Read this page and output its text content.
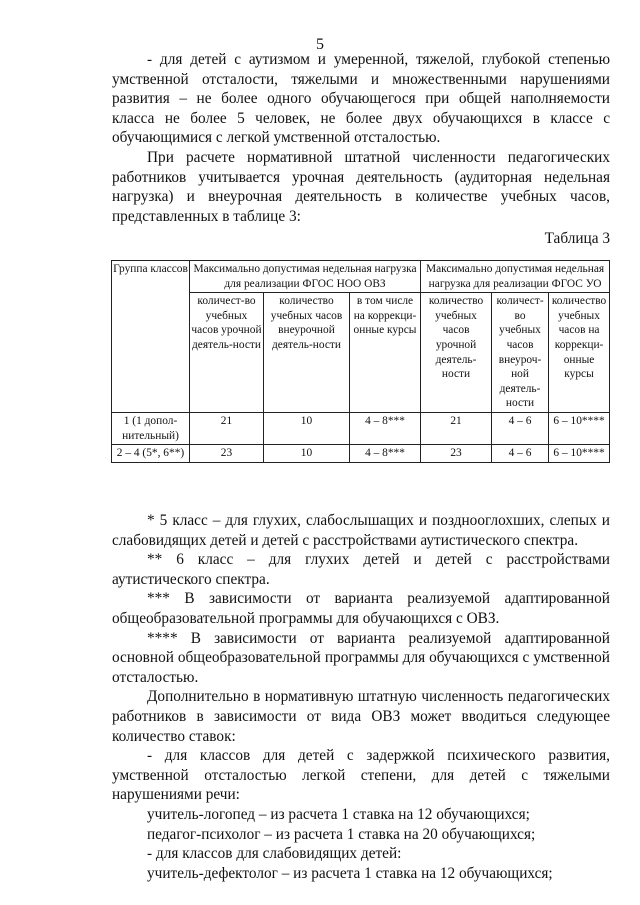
5

- для детей с аутизмом и умеренной, тяжелой, глубокой степенью умственной отсталости, тяжелыми и множественными нарушениями развития – не более одного обучающегося при общей наполняемости класса не более 5 человек, не более двух обучающихся в классе с обучающимися с легкой умственной отсталостью.

При расчете нормативной штатной численности педагогических работников учитывается урочная деятельность (аудиторная недельная нагрузка) и внеурочная деятельность в количестве учебных часов, представленных в таблице 3:

Таблица 3
Группа классов	Максимально допустимая недельная нагрузка для реализации ФГОС НОО ОВЗ			Максимально допустимая недельная нагрузка для реализации ФГОС УО		
	количест-во учебных часов урочной деятель-ности	количество учебных часов внеурочной деятель-ности	в том числе на коррекци-онные курсы	количество учебных часов урочной деятель-ности	количест-во учебных часов внеуроч-ной деятель-ности	количество учебных часов на коррекци-онные курсы
1 (1 допол-нительный)	21	10	4 – 8***	21	4 – 6	6 – 10****
2 – 4 (5*, 6**)	23	10	4 – 8***	23	4 – 6	6 – 10****

* 5 класс – для глухих, слабослышащих и позднооглохших, слепых и слабовидящих детей и детей с расстройствами аутистического спектра.

** 6 класс – для глухих детей и детей с расстройствами аутистического спектра.

*** В зависимости от варианта реализуемой адаптированной общеобразовательной программы для обучающихся с ОВЗ.

**** В зависимости от варианта реализуемой адаптированной основной общеобразовательной программы для обучающихся с умственной отсталостью.

Дополнительно в нормативную штатную численность педагогических работников в зависимости от вида ОВЗ может вводиться следующее количество ставок:

- для классов для детей с задержкой психического развития, умственной отсталостью легкой степени, для детей с тяжелыми нарушениями речи:

учитель-логопед – из расчета 1 ставка на 12 обучающихся;

педагог-психолог – из расчета 1 ставка на 20 обучающихся;

- для классов для слабовидящих детей:

учитель-дефектолог – из расчета 1 ставка на 12 обучающихся;
